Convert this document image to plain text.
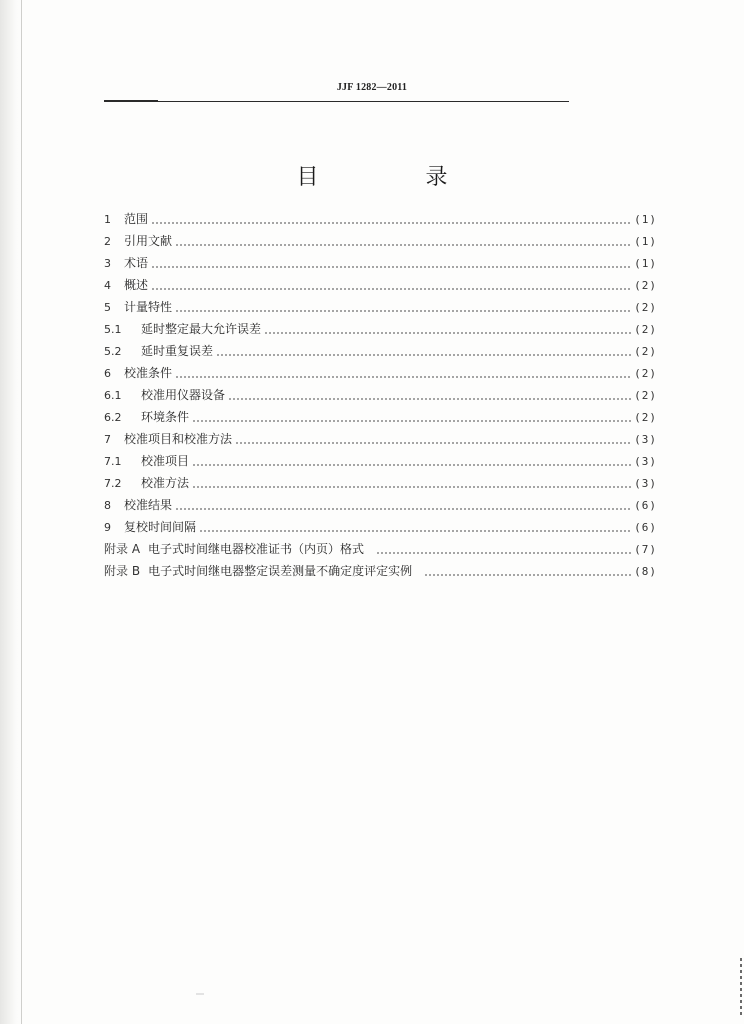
JJF 1282—2011
目 录
1	范围	(1)
2	引用文献	(1)
3	术语	(1)
4	概述	(2)
5	计量特性	(2)
5.1	延时整定最大允许误差	(2)
5.2	延时重复误差	(2)
6	校准条件	(2)
6.1	校准用仪器设备	(2)
6.2	环境条件	(2)
7	校准项目和校准方法	(3)
7.1	校准项目	(3)
7.2	校准方法	(3)
8	校准结果	(6)
9	复校时间间隔	(6)
附录 A 电子式时间继电器校准证书（内页）格式	(7)
附录 B 电子式时间继电器整定误差测量不确定度评定实例	(8)
